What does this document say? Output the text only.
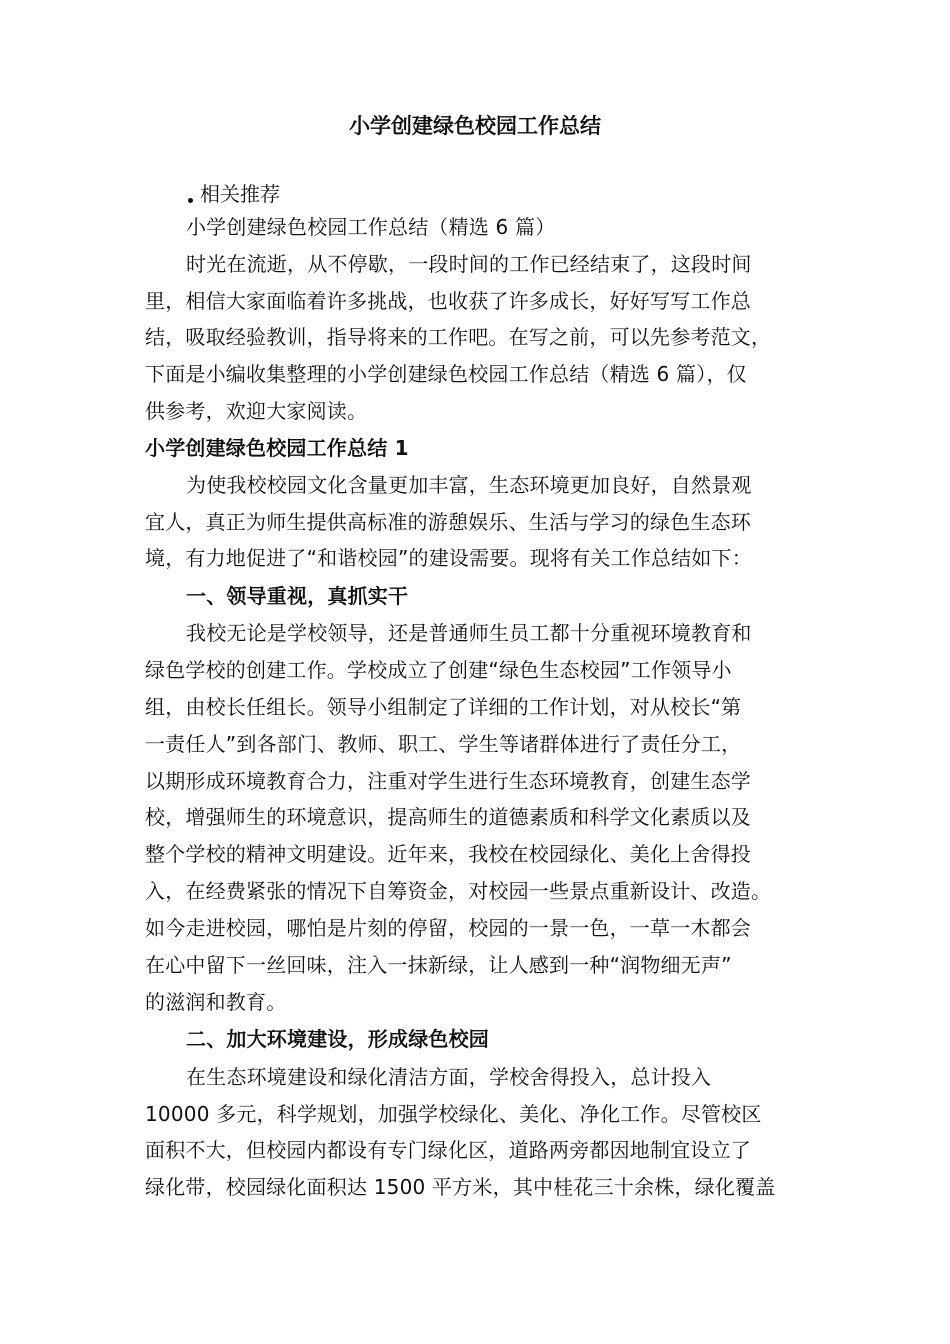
小学创建绿色校园工作总结
相关推荐
小学创建绿色校园工作总结（精选 6 篇）
时光在流逝，从不停歇，一段时间的工作已经结束了，这段时间
里，相信大家面临着许多挑战，也收获了许多成长，好好写写工作总
结，吸取经验教训，指导将来的工作吧。在写之前，可以先参考范文，
下面是小编收集整理的小学创建绿色校园工作总结（精选 6 篇），仅
供参考，欢迎大家阅读。
小学创建绿色校园工作总结 1
为使我校校园文化含量更加丰富，生态环境更加良好，自然景观
宜人，真正为师生提供高标准的游憩娱乐、生活与学习的绿色生态环
境，有力地促进了“和谐校园”的建设需要。现将有关工作总结如下：
一、领导重视，真抓实干
我校无论是学校领导，还是普通师生员工都十分重视环境教育和
绿色学校的创建工作。学校成立了创建“绿色生态校园”工作领导小
组，由校长任组长。领导小组制定了详细的工作计划，对从校长“第
一责任人”到各部门、教师、职工、学生等诸群体进行了责任分工，
以期形成环境教育合力，注重对学生进行生态环境教育，创建生态学
校，增强师生的环境意识，提高师生的道德素质和科学文化素质以及
整个学校的精神文明建设。近年来，我校在校园绿化、美化上舍得投
入，在经费紧张的情况下自筹资金，对校园一些景点重新设计、改造。
如今走进校园，哪怕是片刻的停留，校园的一景一色，一草一木都会
在心中留下一丝回味，注入一抹新绿，让人感到一种“润物细无声”
的滋润和教育。
二、加大环境建设，形成绿色校园
在生态环境建设和绿化清洁方面，学校舍得投入，总计投入
10000 多元，科学规划，加强学校绿化、美化、净化工作。尽管校区
面积不大，但校园内都设有专门绿化区，道路两旁都因地制宜设立了
绿化带，校园绿化面积达 1500 平方米，其中桂花三十余株，绿化覆盖
